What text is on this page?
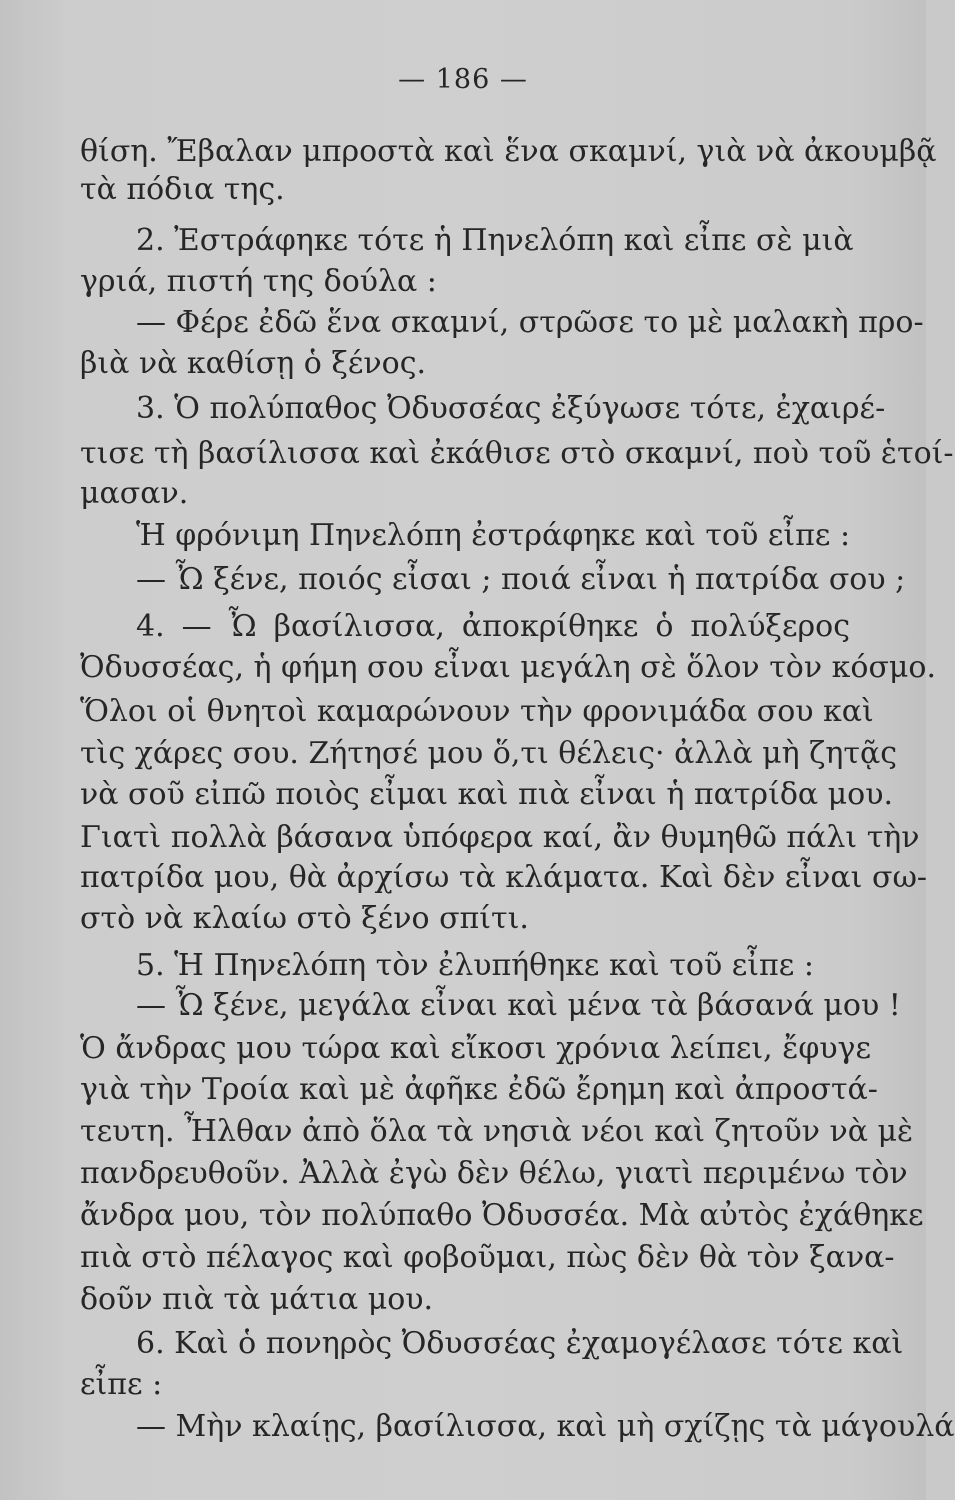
— 186 —
θίση. Ἔβαλαν μπροστὰ καὶ ἕνα σκαμνί, γιὰ νὰ ἀκουμβᾷ
τὰ πόδια της.
2. Ἐστράφηκε τότε ἡ Πηνελόπη καὶ εἶπε σὲ μιὰ
γριά, πιστή της δούλα :
— Φέρε ἐδῶ ἕνα σκαμνί, στρῶσε το μὲ μαλακὴ προ-
βιὰ νὰ καθίσῃ ὁ ξένος.
3. Ὁ πολύπαθος Ὀδυσσέας ἐξύγωσε τότε, ἐχαιρέ-
τισε τὴ βασίλισσα καὶ ἐκάθισε στὸ σκαμνί, ποὺ τοῦ ἑτοί-
μασαν.
Ἡ φρόνιμη Πηνελόπη ἐστράφηκε καὶ τοῦ εἶπε :
— Ὦ ξένε, ποιός εἶσαι ; ποιά εἶναι ἡ πατρίδα σου ;
4. — Ὦ βασίλισσα, ἀποκρίθηκε ὁ πολύξερος
Ὀδυσσέας, ἡ φήμη σου εἶναι μεγάλη σὲ ὅλον τὸν κόσμο.
Ὅλοι οἱ θνητοὶ καμαρώνουν τὴν φρονιμάδα σου καὶ
τὶς χάρες σου. Ζήτησέ μου ὅ,τι θέλεις· ἀλλὰ μὴ ζητᾷς
νὰ σοῦ εἰπῶ ποιὸς εἶμαι καὶ πιὰ εἶναι ἡ πατρίδα μου.
Γιατὶ πολλὰ βάσανα ὑπόφερα καί, ἂν θυμηθῶ πάλι τὴν
πατρίδα μου, θὰ ἀρχίσω τὰ κλάματα. Καὶ δὲν εἶναι σω-
στὸ νὰ κλαίω στὸ ξένο σπίτι.
5. Ἡ Πηνελόπη τὸν ἐλυπήθηκε καὶ τοῦ εἶπε :
— Ὦ ξένε, μεγάλα εἶναι καὶ μένα τὰ βάσανά μου !
Ὁ ἄνδρας μου τώρα καὶ εἴκοσι χρόνια λείπει, ἔφυγε
γιὰ τὴν Τροία καὶ μὲ ἀφῆκε ἐδῶ ἔρημη καὶ ἀπροστά-
τευτη. Ἦλθαν ἀπὸ ὅλα τὰ νησιὰ νέοι καὶ ζητοῦν νὰ μὲ
πανδρευθοῦν. Ἀλλὰ ἐγὼ δὲν θέλω, γιατὶ περιμένω τὸν
ἄνδρα μου, τὸν πολύπαθο Ὀδυσσέα. Μὰ αὐτὸς ἐχάθηκε
πιὰ στὸ πέλαγος καὶ φοβοῦμαι, πὼς δὲν θὰ τὸν ξανα-
δοῦν πιὰ τὰ μάτια μου.
6. Καὶ ὁ πονηρὸς Ὀδυσσέας ἐχαμογέλασε τότε καὶ
εἶπε :
— Μὴν κλαίῃς, βασίλισσα, καὶ μὴ σχίζῃς τὰ μάγουλά
